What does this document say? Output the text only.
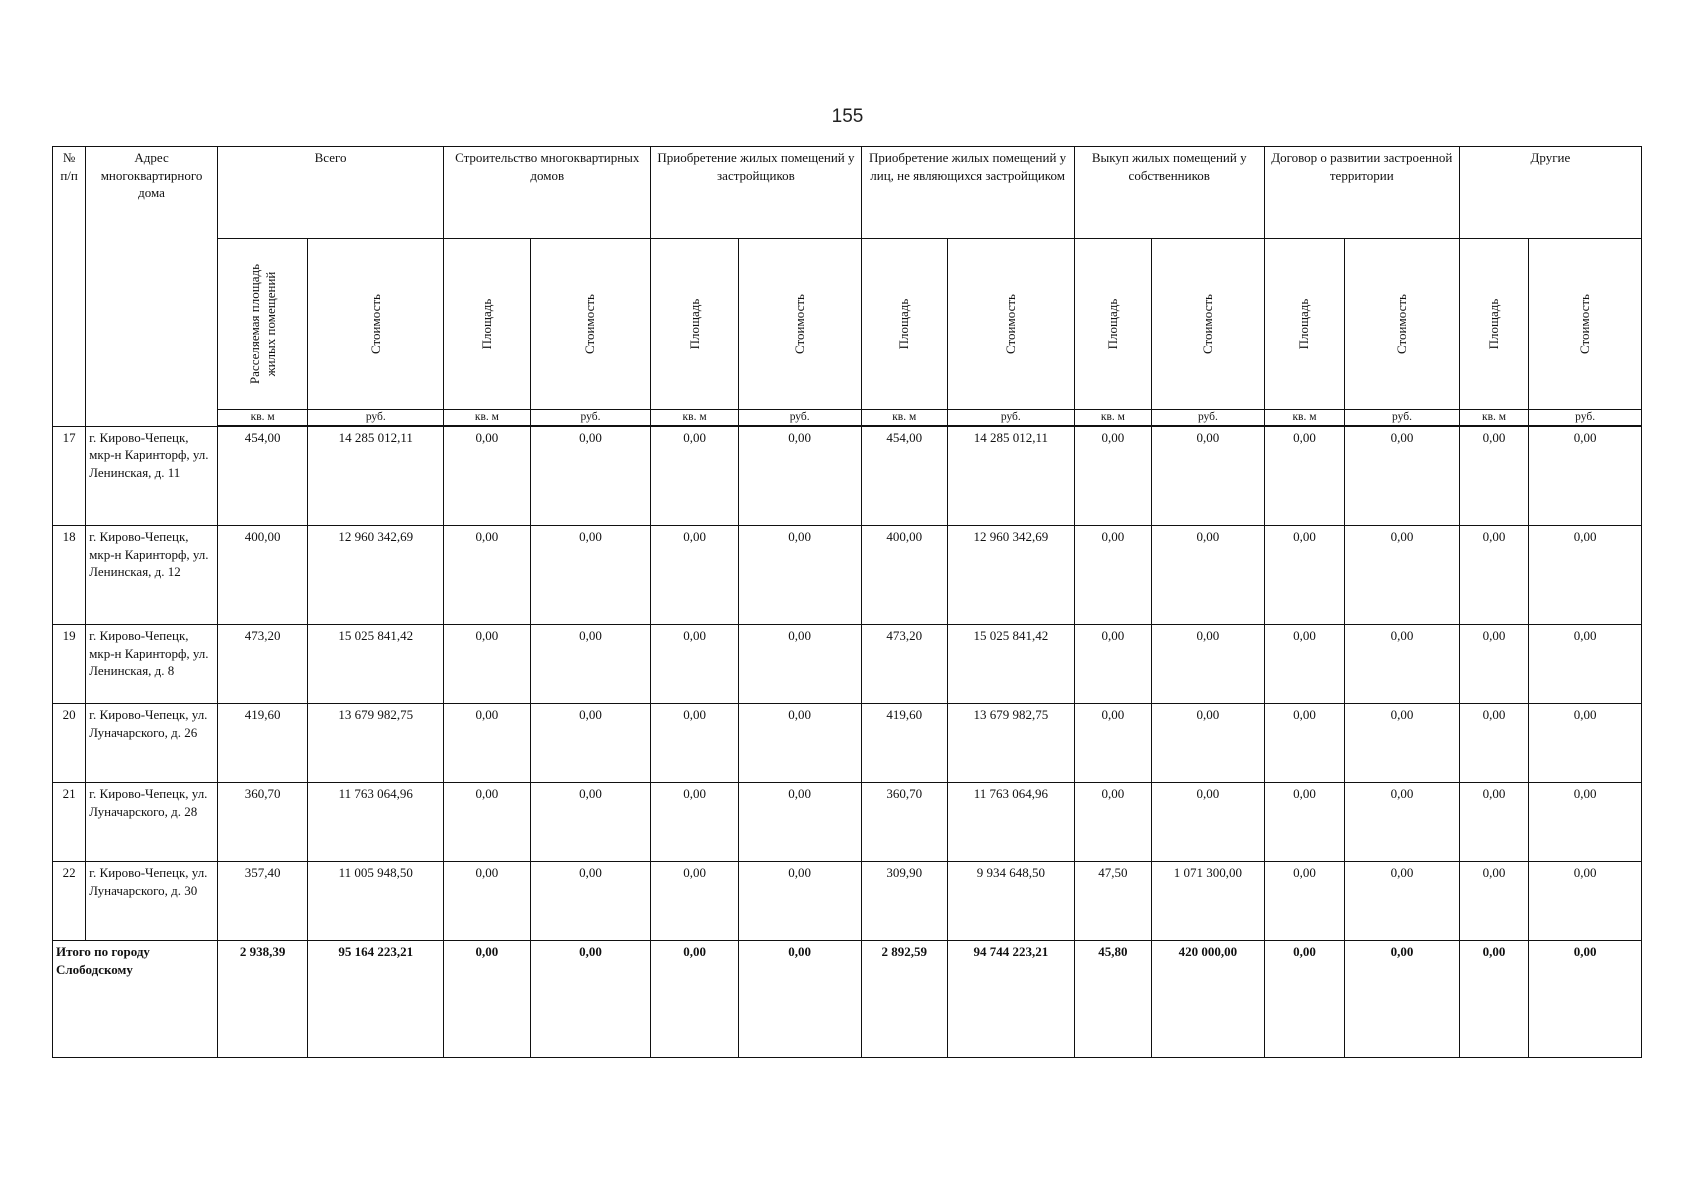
155
№ п/п	Адрес многоквартирного дома	Всего		Строительство многоквартирных домов		Приобретение жилых помещений у застройщиков		Приобретение жилых помещений у лиц, не являющихся застройщиком		Выкуп жилых помещений у собственников		Договор о развитии застроенной территории		Другие	

		Расселяемая площадь жилых помещений	Стоимость	Площадь	Стоимость	Площадь	Стоимость	Площадь	Стоимость	Площадь	Стоимость	Площадь	Стоимость	Площадь	Стоимость

		кв. м	руб.	кв. м	руб.	кв. м	руб.	кв. м	руб.	кв. м	руб.	кв. м	руб.	кв. м	руб.
17	г. Кирово-Чепецк, мкр-н Каринторф, ул. Ленинская, д. 11	454,00	14 285 012,11	0,00	0,00	0,00	0,00	454,00	14 285 012,11	0,00	0,00	0,00	0,00	0,00	0,00
18	г. Кирово-Чепецк, мкр-н Каринторф, ул. Ленинская, д. 12	400,00	12 960 342,69	0,00	0,00	0,00	0,00	400,00	12 960 342,69	0,00	0,00	0,00	0,00	0,00	0,00
19	г. Кирово-Чепецк, мкр-н Каринторф, ул. Ленинская, д. 8	473,20	15 025 841,42	0,00	0,00	0,00	0,00	473,20	15 025 841,42	0,00	0,00	0,00	0,00	0,00	0,00
20	г. Кирово-Чепецк, ул. Луначарского, д. 26	419,60	13 679 982,75	0,00	0,00	0,00	0,00	419,60	13 679 982,75	0,00	0,00	0,00	0,00	0,00	0,00
21	г. Кирово-Чепецк, ул. Луначарского, д. 28	360,70	11 763 064,96	0,00	0,00	0,00	0,00	360,70	11 763 064,96	0,00	0,00	0,00	0,00	0,00	0,00
22	г. Кирово-Чепецк, ул. Луначарского, д. 30	357,40	11 005 948,50	0,00	0,00	0,00	0,00	309,90	9 934 648,50	47,50	1 071 300,00	0,00	0,00	0,00	0,00
Итого по городу Слободскому		2 938,39	95 164 223,21	0,00	0,00	0,00	0,00	2 892,59	94 744 223,21	45,80	420 000,00	0,00	0,00	0,00	0,00
